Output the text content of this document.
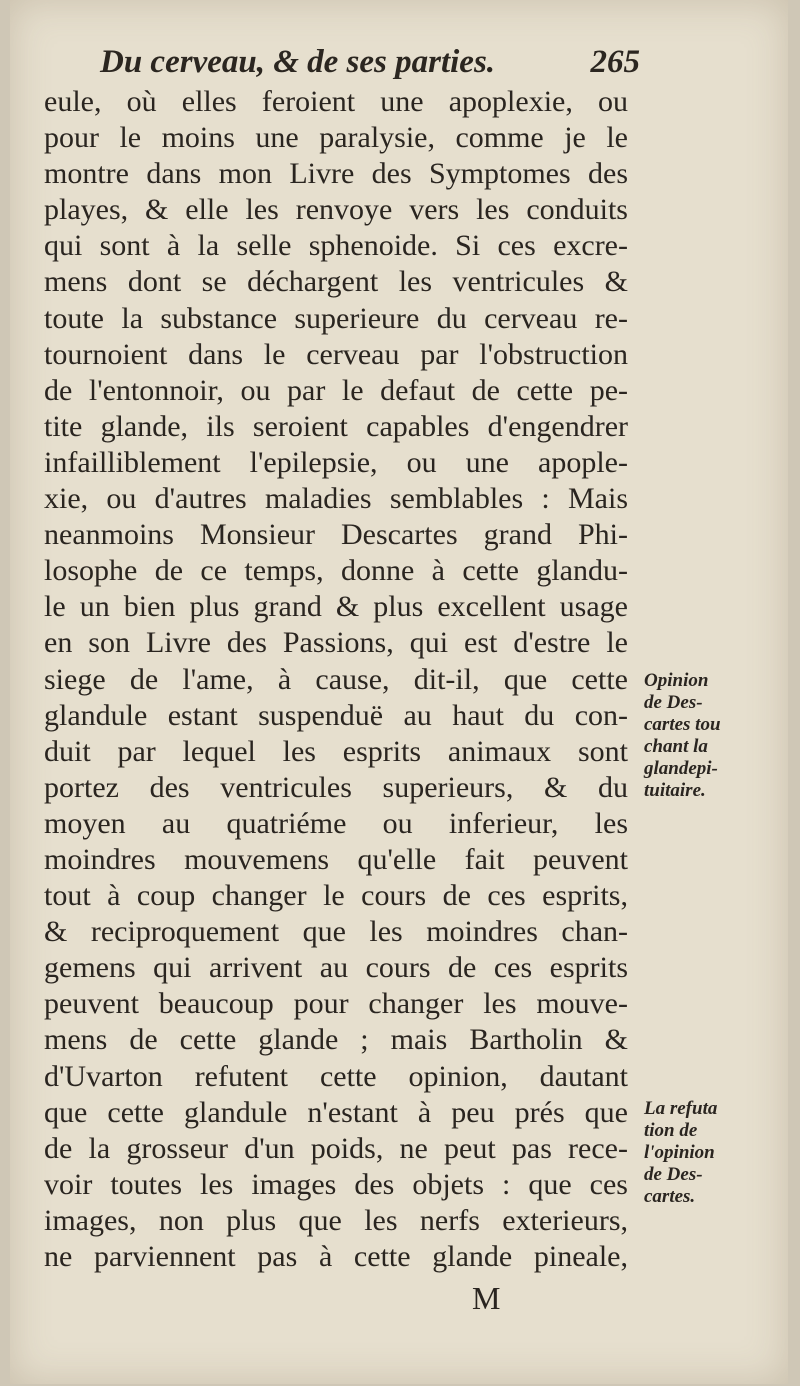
Du cerveau, & de ses parties.	265
eule, où elles feroient une apoplexie, ou
pour le moins une paralysie, comme je le
montre dans mon Livre des Symptomes des
playes, & elle les renvoye vers les conduits
qui sont à la selle sphenoide. Si ces excre-
mens dont se déchargent les ventricules &
toute la substance superieure du cerveau re-
tournoient dans le cerveau par l'obstruction
de l'entonnoir, ou par le defaut de cette pe-
tite glande, ils seroient capables d'engendrer
infailliblement l'epilepsie, ou une apople-
xie, ou d'autres maladies semblables : Mais
neanmoins Monsieur Descartes grand Phi-
losophe de ce temps, donne à cette glandu-
le un bien plus grand & plus excellent usage
en son Livre des Passions, qui est d'estre le
siege de l'ame, à cause, dit-il, que cette
glandule estant suspenduë au haut du con-
duit par lequel les esprits animaux sont
portez des ventricules superieurs, & du
moyen au quatriéme ou inferieur, les
moindres mouvemens qu'elle fait peuvent
tout à coup changer le cours de ces esprits,
& reciproquement que les moindres chan-
gemens qui arrivent au cours de ces esprits
peuvent beaucoup pour changer les mouve-
mens de cette glande ; mais Bartholin &
d'Uvarton refutent cette opinion, dautant
que cette glandule n'estant à peu prés que
de la grosseur d'un poids, ne peut pas rece-
voir toutes les images des objets : que ces
images, non plus que les nerfs exterieurs,
ne parviennent pas à cette glande pineale,
Opinion
de Des-
cartes tou
chant la
glandepi-
tuitaire.
La refuta
tion de
l'opinion
de Des-
cartes.
M
